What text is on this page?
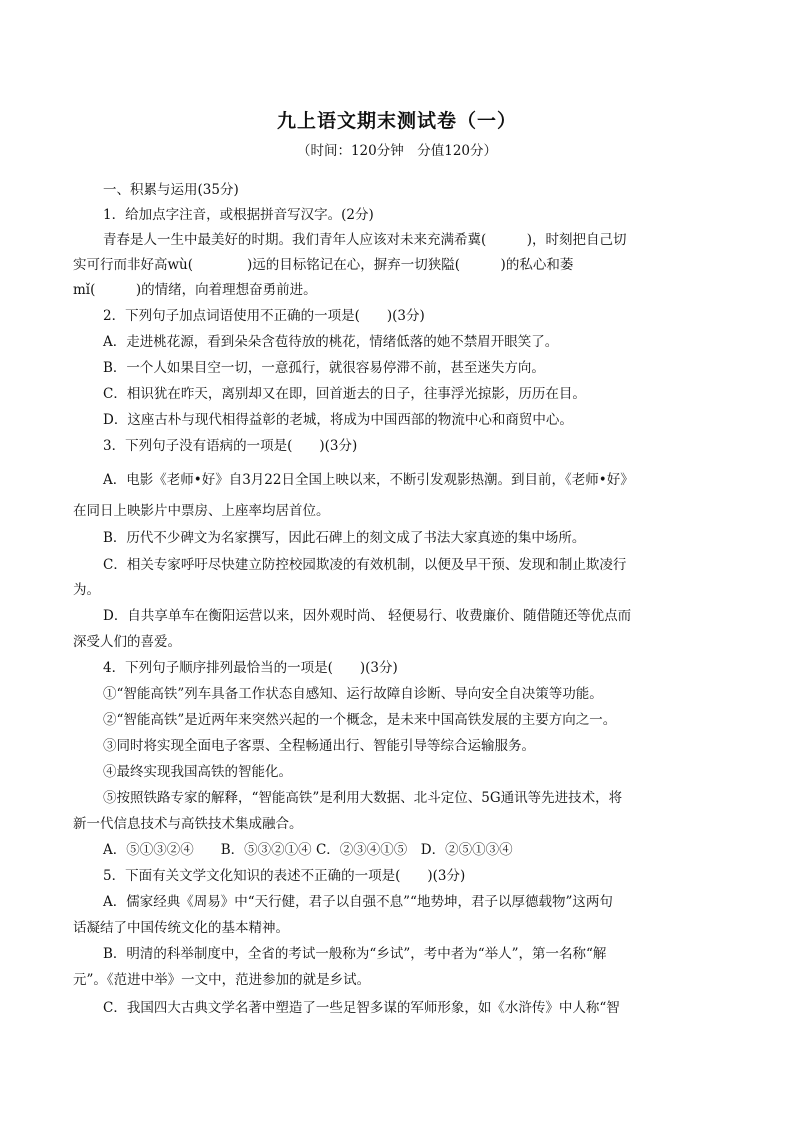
九上语文期末测试卷（一）
（时间：120分钟　分值120分）
一、积累与运用(35分)
1．给加点字注音，或根据拼音写汉字。(2分)
青春是人一生中最美好的时期。我们青年人应该对未来充满希冀(　　　)，时刻把自己切
实可行而非好高wù(　　　　)远的目标铭记在心，摒弃一切狭隘(　　　)的私心和萎
mǐ(　　　)的情绪，向着理想奋勇前进。
2．下列句子加点词语使用不正确的一项是(　　)(3分)
A．走进桃花源，看到朵朵含苞待放的桃花，情绪低落的她不禁眉开眼笑了。
B．一个人如果目空一切，一意孤行，就很容易停滞不前，甚至迷失方向。
C．相识犹在昨天，离别却又在即，回首逝去的日子，往事浮光掠影，历历在目。
D．这座古朴与现代相得益彰的老城，将成为中国西部的物流中心和商贸中心。
3．下列句子没有语病的一项是(　　)(3分)
A．电影《老师•好》自3月22日全国上映以来，不断引发观影热潮。到目前，《老师•好》
在同日上映影片中票房、上座率均居首位。
B．历代不少碑文为名家撰写，因此石碑上的刻文成了书法大家真迹的集中场所。
C．相关专家呼吁尽快建立防控校园欺凌的有效机制，以便及早干预、发现和制止欺凌行
为。
D．自共享单车在衡阳运营以来，因外观时尚、 轻便易行、收费廉价、随借随还等优点而
深受人们的喜爱。
4．下列句子顺序排列最恰当的一项是(　　)(3分)
①“智能高铁”列车具备工作状态自感知、运行故障自诊断、导向安全自决策等功能。
②“智能高铁”是近两年来突然兴起的一个概念，是未来中国高铁发展的主要方向之一。
③同时将实现全面电子客票、全程畅通出行、智能引导等综合运输服务。
④最终实现我国高铁的智能化。
⑤按照铁路专家的解释，“智能高铁”是利用大数据、北斗定位、5G通讯等先进技术，将
新一代信息技术与高铁技术集成融合。
A．⑤①③②④　　B．⑤③②①④ C．②③④①⑤　D．②⑤①③④
5．下面有关文学文化知识的表述不正确的一项是(　　)(3分)
A．儒家经典《周易》中“天行健，君子以自强不息”“地势坤，君子以厚德载物”这两句
话凝结了中国传统文化的基本精神。
B．明清的科举制度中，全省的考试一般称为“乡试”，考中者为“举人”，第一名称“解
元”。《范进中举》一文中，范进参加的就是乡试。
C．我国四大古典文学名著中塑造了一些足智多谋的军师形象，如《水浒传》中人称“智
